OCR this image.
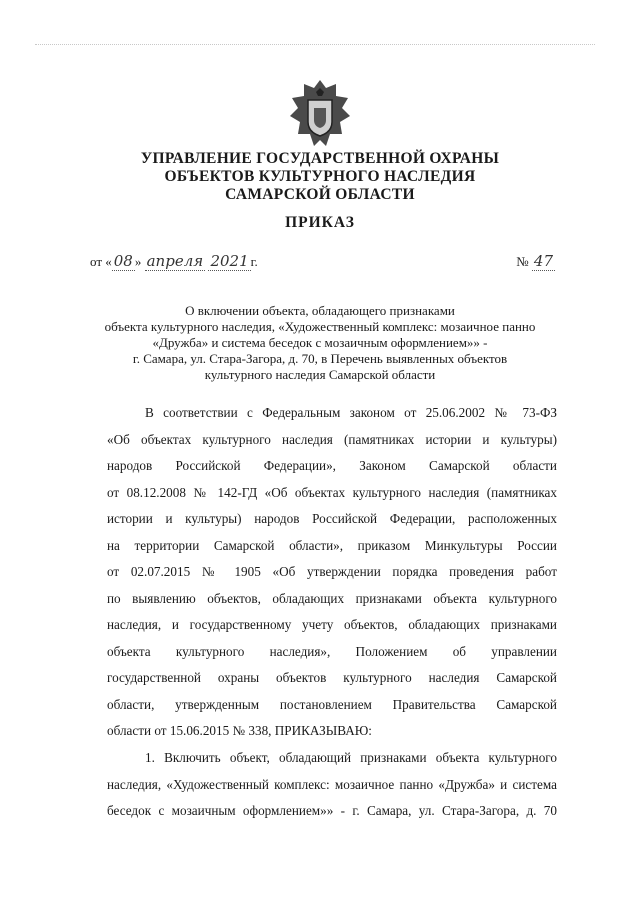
УПРАВЛЕНИЕ ГОСУДАРСТВЕННОЙ ОХРАНЫ
ОБЪЕКТОВ КУЛЬТУРНОГО НАСЛЕДИЯ
САМАРСКОЙ ОБЛАСТИ
ПРИКАЗ
от « 08 » апреля 2021 г.	№ 47
О включении объекта, обладающего признаками
объекта культурного наследия, «Художественный комплекс: мозаичное панно
«Дружба» и система беседок с мозаичным оформлением»» -
г. Самара, ул. Стара-Загора, д. 70, в Перечень выявленных объектов
культурного наследия Самарской области
В соответствии с Федеральным законом от 25.06.2002 № 73-ФЗ
«Об объектах культурного наследия (памятниках истории и культуры)
народов Российской Федерации», Законом Самарской области
от 08.12.2008 № 142-ГД «Об объектах культурного наследия (памятниках
истории и культуры) народов Российской Федерации, расположенных
на территории Самарской области», приказом Минкультуры России
от 02.07.2015 № 1905 «Об утверждении порядка проведения работ
по выявлению объектов, обладающих признаками объекта культурного
наследия, и государственному учету объектов, обладающих признаками
объекта культурного наследия», Положением об управлении
государственной охраны объектов культурного наследия Самарской
области, утвержденным постановлением Правительства Самарской
области от 15.06.2015 № 338, ПРИКАЗЫВАЮ:
1. Включить объект, обладающий признаками объекта культурного
наследия, «Художественный комплекс: мозаичное панно «Дружба» и система
беседок с мозаичным оформлением»» - г. Самара, ул. Стара-Загора, д. 70
